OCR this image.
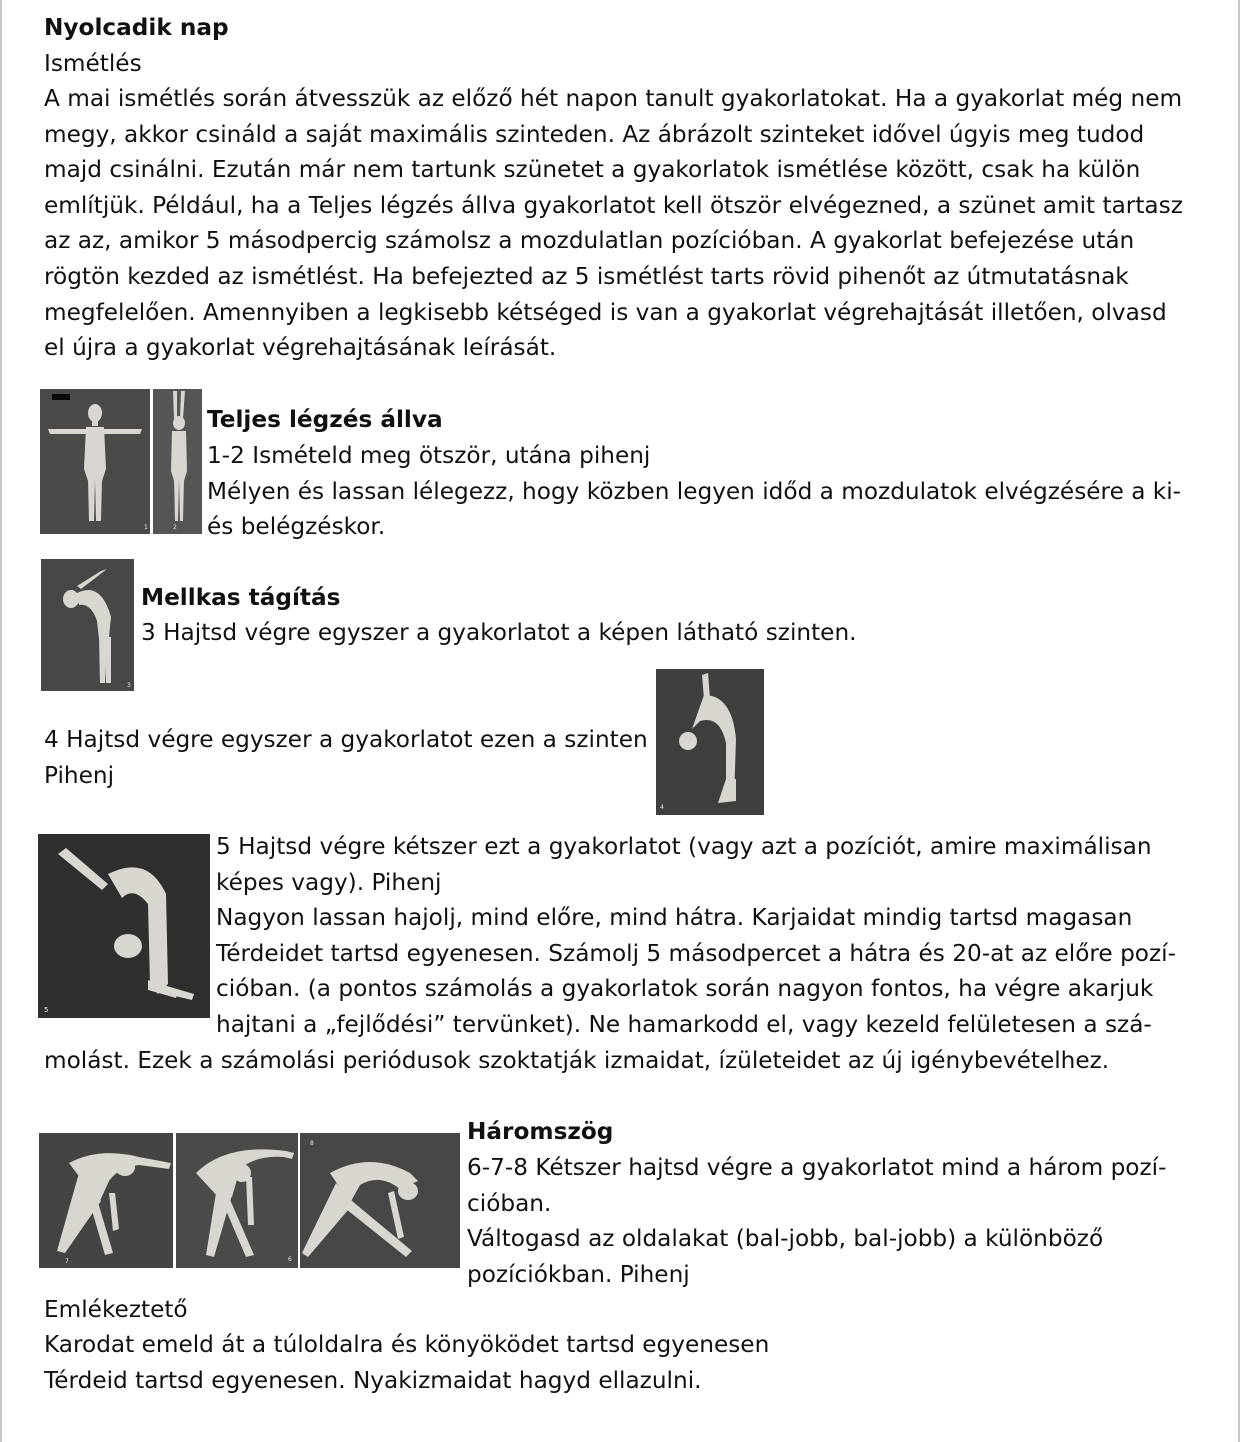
Nyolcadik nap
Ismétlés
A mai ismétlés során átvesszük az előző hét napon tanult gyakorlatokat. Ha a gyakorlat még nem
megy, akkor csináld a saját maximális szinteden. Az ábrázolt szinteket idővel úgyis meg tudod
majd csinálni. Ezután már nem tartunk szünetet a gyakorlatok ismétlése között, csak ha külön
említjük. Például, ha a Teljes légzés állva gyakorlatot kell ötször elvégezned, a szünet amit tartasz
az az, amikor 5 másodpercig számolsz a mozdulatlan pozícióban. A gyakorlat befejezése után
rögtön kezded az ismétlést. Ha befejezted az 5 ismétlést tarts rövid pihenőt az útmutatásnak
megfelelően. Amennyiben a legkisebb kétséged is van a gyakorlat végrehajtását illetően, olvasd
el újra a gyakorlat végrehajtásának leírását.
1	2
Teljes légzés állva
1-2 Ismételd meg ötször, utána pihenj
Mélyen és lassan lélegezz, hogy közben legyen időd a mozdulatok elvégzésére a ki-
és belégzéskor.
3
Mellkas tágítás
3 Hajtsd végre egyszer a gyakorlatot a képen látható szinten.
4 Hajtsd végre egyszer a gyakorlatot ezen a szinten
Pihenj
4
5
5 Hajtsd végre kétszer ezt a gyakorlatot (vagy azt a pozíciót, amire maximálisan
képes vagy). Pihenj
Nagyon lassan hajolj, mind előre, mind hátra. Karjaidat mindig tartsd magasan
Térdeidet tartsd egyenesen. Számolj 5 másodpercet a hátra és 20-at az előre pozí-
cióban. (a pontos számolás a gyakorlatok során nagyon fontos, ha végre akarjuk
hajtani a „fejlődési” tervünket). Ne hamarkodd el, vagy kezeld felületesen a szá-
molást. Ezek a számolási periódusok szoktatják izmaidat, ízületeidet az új igénybevételhez.
7	6
8	Háromszög
6-7-8 Kétszer hajtsd végre a gyakorlatot mind a három pozí-
cióban.
Váltogasd az oldalakat (bal-jobb, bal-jobb) a különböző
pozíciókban. Pihenj
Emlékeztető
Karodat emeld át a túloldalra és könyöködet tartsd egyenesen
Térdeid tartsd egyenesen. Nyakizmaidat hagyd ellazulni.
